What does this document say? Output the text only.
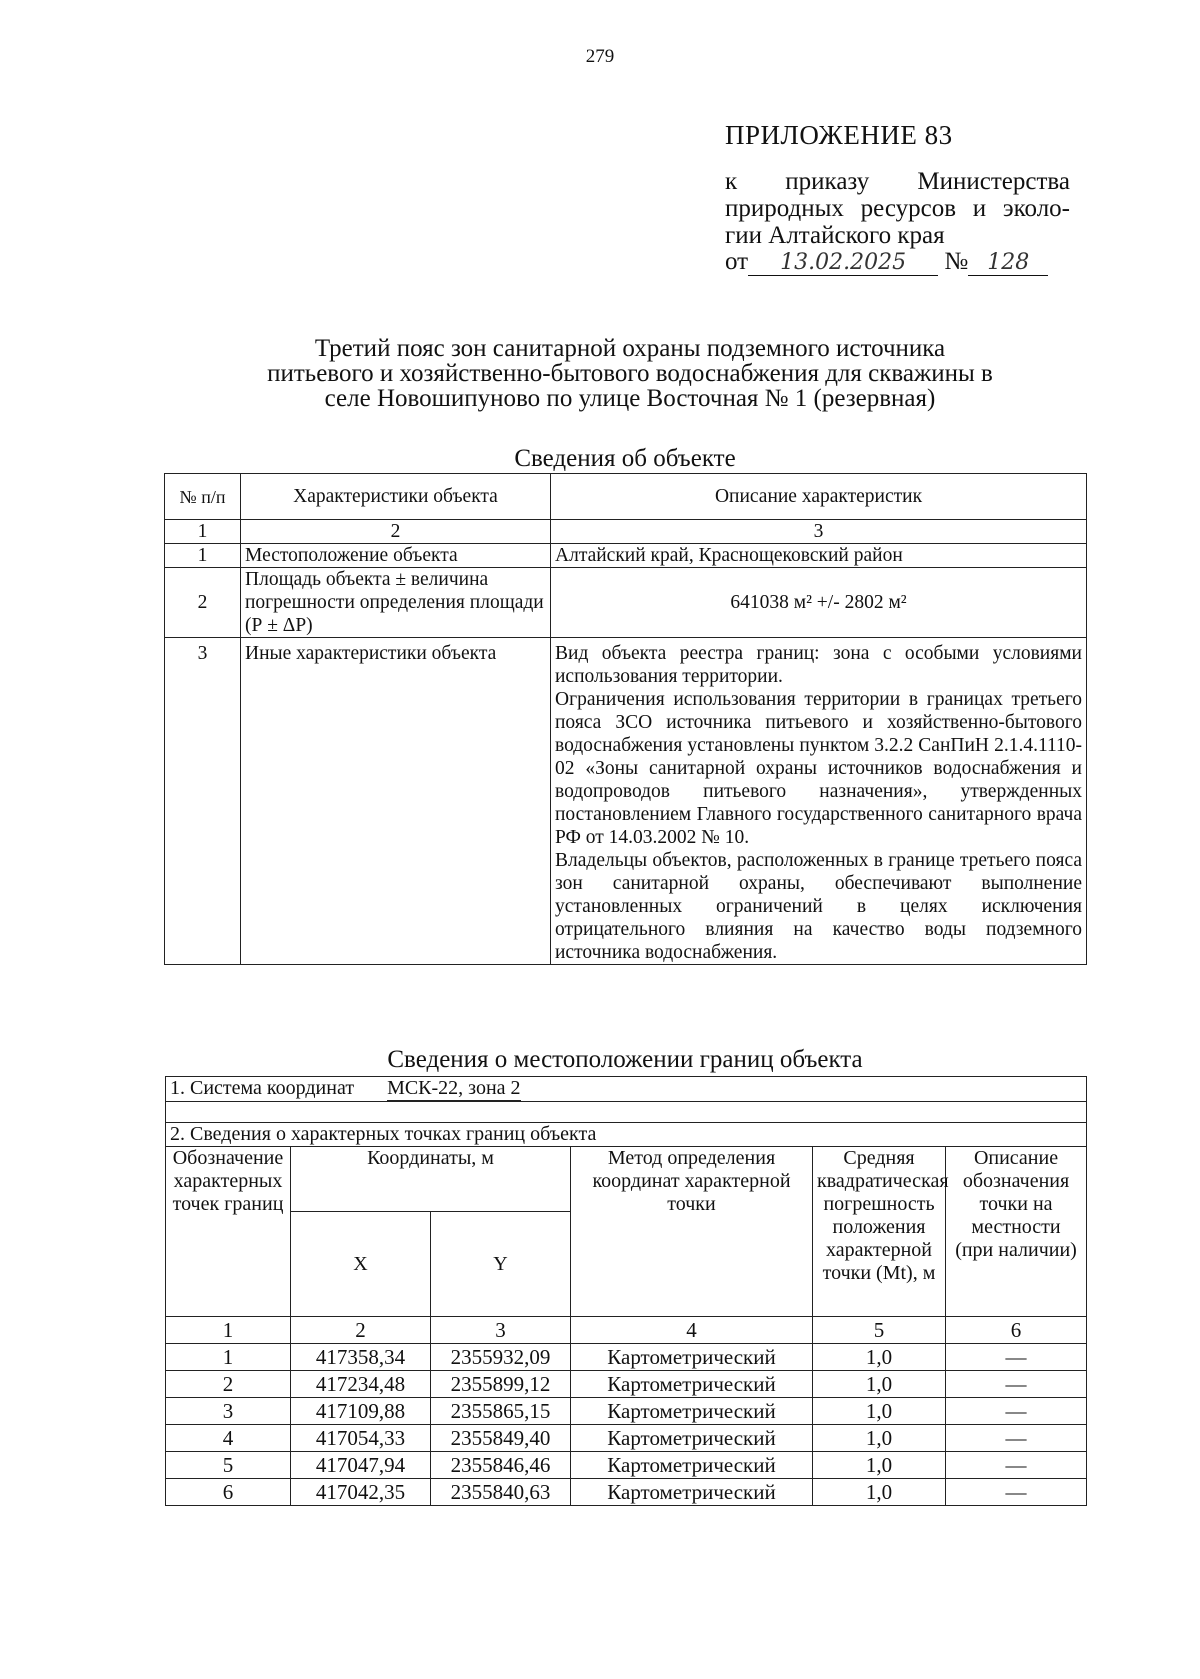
279
ПРИЛОЖЕНИЕ 83
к приказу Министерства
природных ресурсов и эколо-
гии Алтайского края
от 13.02.2025 № 128
Третий пояс зон санитарной охраны подземного источника
питьевого и хозяйственно-бытового водоснабжения для скважины в
селе Новошипуново по улице Восточная № 1 (резервная)
Сведения об объекте
№ п/п	Характеристики объекта	Описание характеристик
1	2	3
1	Местоположение объекта	Алтайский край, Краснощековский район
2	Площадь объекта ± величина погрешности определения площади (Р ± ΔР)	641038 м² +/- 2802 м²
3	Иные характеристики объекта	Вид объекта реестра границ: зона с особыми условиями использования территории.

Ограничения использования территории в границах третьего пояса ЗСО источника питьевого и хозяйственно-бытового водоснабжения установлены пунктом 3.2.2 СанПиН 2.1.4.1110-02 «Зоны санитарной охраны источников водоснабжения и водопроводов питьевого назначения», утвержденных постановлением Главного государственного санитарного врача РФ от 14.03.2002 № 10.

Владельцы объектов, расположенных в границе третьего пояса зон санитарной охраны, обеспечивают выполнение установленных ограничений в целях исключения отрицательного влияния на качество воды подземного источника водоснабжения.

Сведения о местоположении границ объекта
1. Система координат МСК-22, зона 2					

2. Сведения о характерных точках границ объекта					
Обозначение характерных точек границ	Координаты, м		Метод определения координат характерной точки	Средняя квадратическая погрешность положения характерной точки (Mt), м	Описание обозначения точки на местности (при наличии)
	X	Y			
1	2	3	4	5	6
1	417358,34	2355932,09	Картометрический	1,0	—
2	417234,48	2355899,12	Картометрический	1,0	—
3	417109,88	2355865,15	Картометрический	1,0	—
4	417054,33	2355849,40	Картометрический	1,0	—
5	417047,94	2355846,46	Картометрический	1,0	—
6	417042,35	2355840,63	Картометрический	1,0	—
